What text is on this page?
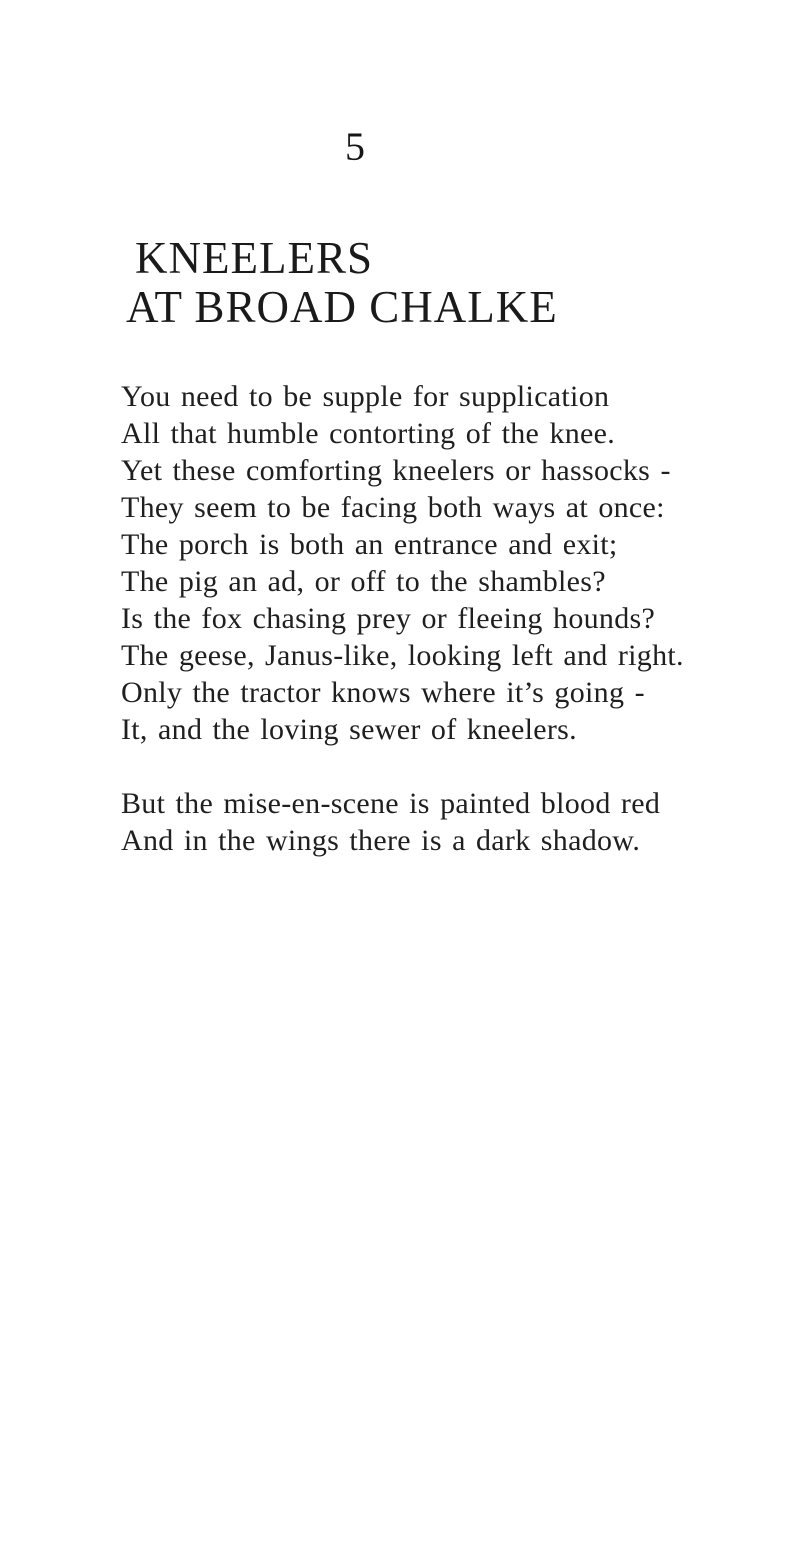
5
KNEELERS
AT BROAD CHALKE
You need to be supple for supplication
All that humble contorting of the knee.
Yet these comforting kneelers or hassocks -
They seem to be facing both ways at once:
The porch is both an entrance and exit;
The pig an ad, or off to the shambles?
Is the fox chasing prey or fleeing hounds?
The geese, Janus-like, looking left and right.
Only the tractor knows where it’s going -
It, and the loving sewer of kneelers.
But the mise-en-scene is painted blood red
And in the wings there is a dark shadow.
